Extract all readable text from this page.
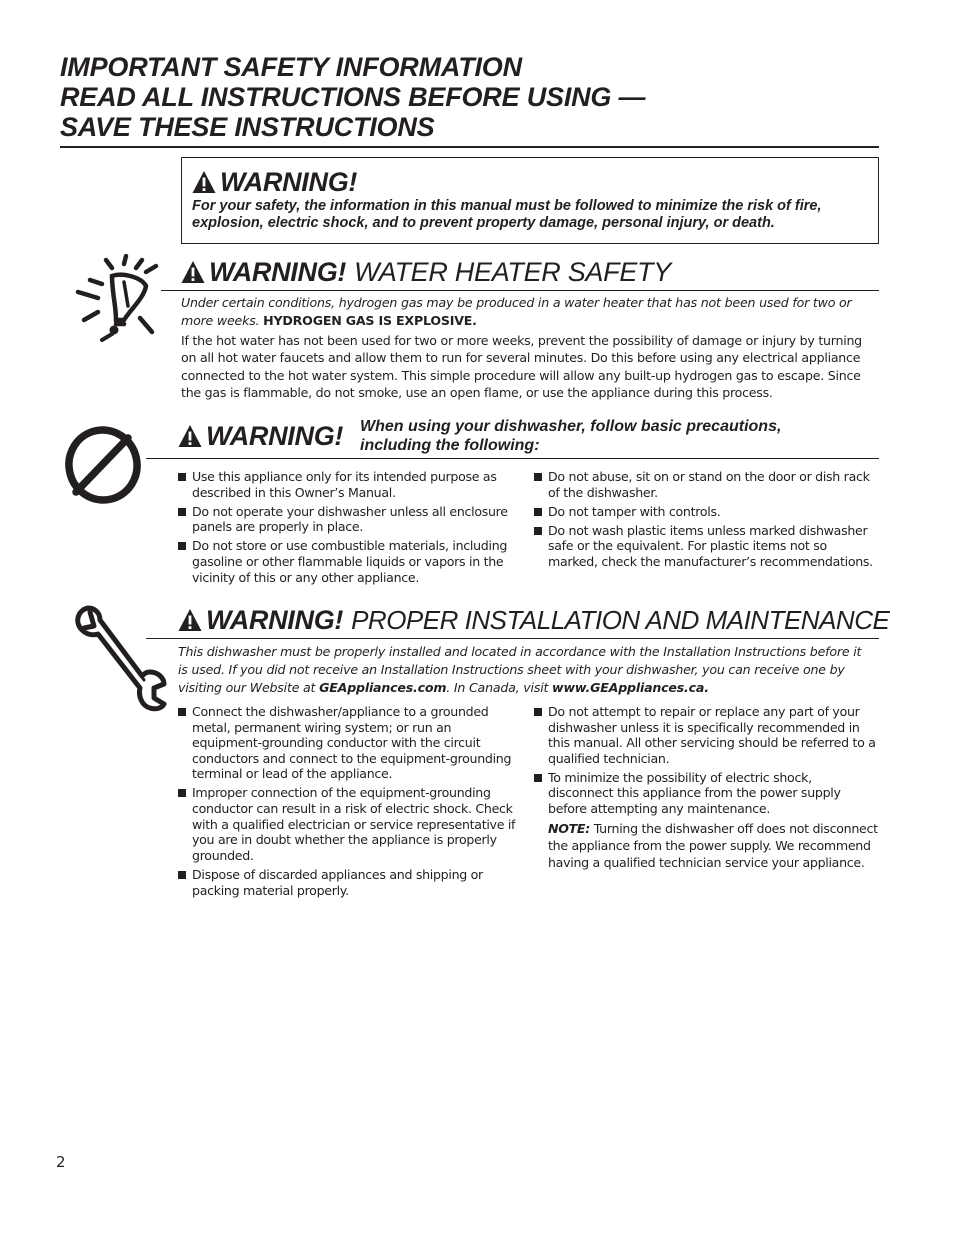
IMPORTANT SAFETY INFORMATION
READ ALL INSTRUCTIONS BEFORE USING —
SAVE THESE INSTRUCTIONS
WARNING!
For your safety, the information in this manual must be followed to minimize the risk of fire, explosion, electric shock, and to prevent property damage, personal injury, or death.
WARNING! WATER HEATER SAFETY
Under certain conditions, hydrogen gas may be produced in a water heater that has not been used for two or more weeks. HYDROGEN GAS IS EXPLOSIVE.
If the hot water has not been used for two or more weeks, prevent the possibility of damage or injury by turning on all hot water faucets and allow them to run for several minutes. Do this before using any electrical appliance connected to the hot water system. This simple procedure will allow any built-up hydrogen gas to escape. Since the gas is flammable, do not smoke, use an open flame, or use the appliance during this process.
WARNING! When using your dishwasher, follow basic precautions, including the following:
Use this appliance only for its intended purpose as described in this Owner’s Manual.
Do not operate your dishwasher unless all enclosure panels are properly in place.
Do not store or use combustible materials, including gasoline or other flammable liquids or vapors in the vicinity of this or any other appliance.
Do not abuse, sit on or stand on the door or dish rack of the dishwasher.
Do not tamper with controls.
Do not wash plastic items unless marked dishwasher safe or the equivalent. For plastic items not so marked, check the manufacturer’s recommendations.
WARNING! PROPER INSTALLATION AND MAINTENANCE
This dishwasher must be properly installed and located in accordance with the Installation Instructions before it is used. If you did not receive an Installation Instructions sheet with your dishwasher, you can receive one by visiting our Website at GEAppliances.com. In Canada, visit www.GEAppliances.ca.
Connect the dishwasher/appliance to a grounded metal, permanent wiring system; or run an equipment-grounding conductor with the circuit conductors and connect to the equipment-grounding terminal or lead of the appliance.
Improper connection of the equipment-grounding conductor can result in a risk of electric shock. Check with a qualified electrician or service representative if you are in doubt whether the appliance is properly grounded.
Dispose of discarded appliances and shipping or packing material properly.
Do not attempt to repair or replace any part of your dishwasher unless it is specifically recommended in this manual. All other servicing should be referred to a qualified technician.
To minimize the possibility of electric shock, disconnect this appliance from the power supply before attempting any maintenance.
NOTE: Turning the dishwasher off does not disconnect the appliance from the power supply. We recommend having a qualified technician service your appliance.
2
